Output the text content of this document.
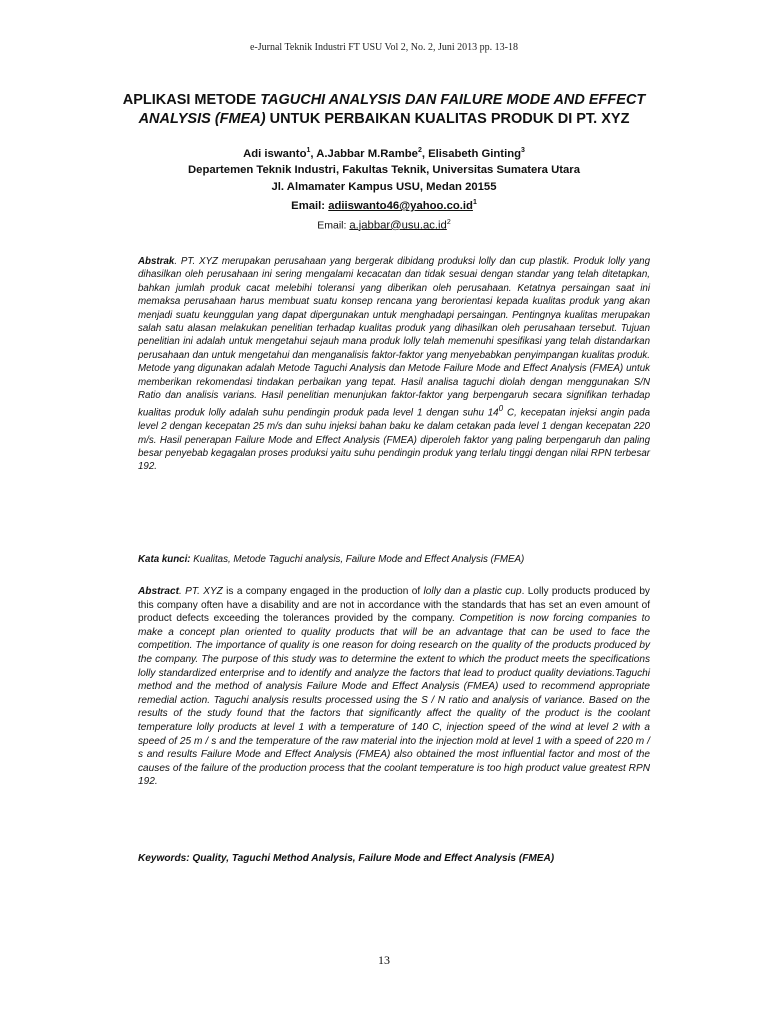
e-Jurnal Teknik Industri FT USU Vol 2, No. 2, Juni 2013 pp. 13-18
APLIKASI METODE TAGUCHI ANALYSIS DAN FAILURE MODE AND EFFECT ANALYSIS (FMEA) UNTUK PERBAIKAN KUALITAS PRODUK DI PT. XYZ
Adi iswanto$^1$, A.Jabbar M.Rambe$^2$, Elisabeth Ginting$^3$
Departemen Teknik Industri, Fakultas Teknik, Universitas Sumatera Utara
Jl. Almamater Kampus USU, Medan 20155
Email: $adiiswanto46@yahoo.co.id^1$
Email: $a.jabbar@usu.ac.id^2$
Abstrak. PT. XYZ merupakan perusahaan yang bergerak dibidang produksi lolly dan cup plastik. Produk lolly yang dihasilkan oleh perusahaan ini sering mengalami kecacatan dan tidak sesuai dengan standar yang telah ditetapkan, bahkan jumlah produk cacat melebihi toleransi yang diberikan oleh perusahaan. Ketatnya persaingan saat ini memaksa perusahaan harus membuat suatu konsep rencana yang berorientasi kepada kualitas produk yang akan menjadi suatu keunggulan yang dapat dipergunakan untuk menghadapi persaingan. Pentingnya kualitas merupakan salah satu alasan melakukan penelitian terhadap kualitas produk yang dihasilkan oleh perusahaan tersebut. Tujuan penelitian ini adalah untuk mengetahui sejauh mana produk lolly telah memenuhi spesifikasi yang telah distandarkan perusahaan dan untuk mengetahui dan menganalisis faktor-faktor yang menyebabkan penyimpangan kualitas produk. Metode yang digunakan adalah Metode Taguchi Analysis dan Metode Failure Mode and Effect Analysis (FMEA) untuk memberikan rekomendasi tindakan perbaikan yang tepat. Hasil analisa taguchi diolah dengan menggunakan S/N Ratio dan analisis varians. Hasil penelitian menunjukan faktor-faktor yang berpengaruh secara signifikan terhadap kualitas produk lolly adalah suhu pendingin produk pada level 1 dengan suhu $14^0$ C, kecepatan injeksi angin pada level 2 dengan kecepatan 25 m/s dan suhu injeksi bahan baku ke dalam cetakan pada level 1 dengan kecepatan 220 m/s. Hasil penerapan Failure Mode and Effect Analysis (FMEA) diperoleh faktor yang paling berpengaruh dan paling besar penyebab kegagalan proses produksi yaitu suhu pendingin produk yang terlalu tinggi dengan nilai RPN terbesar 192.
Kata kunci: Kualitas, Metode Taguchi analysis, Failure Mode and Effect Analysis (FMEA)
Abstract. PT. XYZ is a company engaged in the production of lolly dan a plastic cup. Lolly products produced by this company often have a disability and are not in accordance with the standards that has set an even amount of product defects exceeding the tolerances provided by the company. Competition is now forcing companies to make a concept plan oriented to quality products that will be an advantage that can be used to face the competition. The importance of quality is one reason for doing research on the quality of the products produced by the company. The purpose of this study was to determine the extent to which the product meets the specifications lolly standardized enterprise and to identify and analyze the factors that lead to product quality deviations.Taguchi method and the method of analysis Failure Mode and Effect Analysis (FMEA) used to recommend appropriate remedial action. Taguchi analysis results processed using the S / N ratio and analysis of variance. Based on the results of the study found that the factors that significantly affect the quality of the product is the coolant temperature lolly products at level 1 with a temperature of 140 C, injection speed of the wind at level 2 with a speed of 25 m / s and the temperature of the raw material into the injection mold at level 1 with a speed of 220 m / s and results Failure Mode and Effect Analysis (FMEA) also obtained the most influential factor and most of the causes of the failure of the production process that the coolant temperature is too high product value greatest RPN 192.
Keywords: Quality, Taguchi Method Analysis, Failure Mode and Effect Analysis (FMEA)
13
